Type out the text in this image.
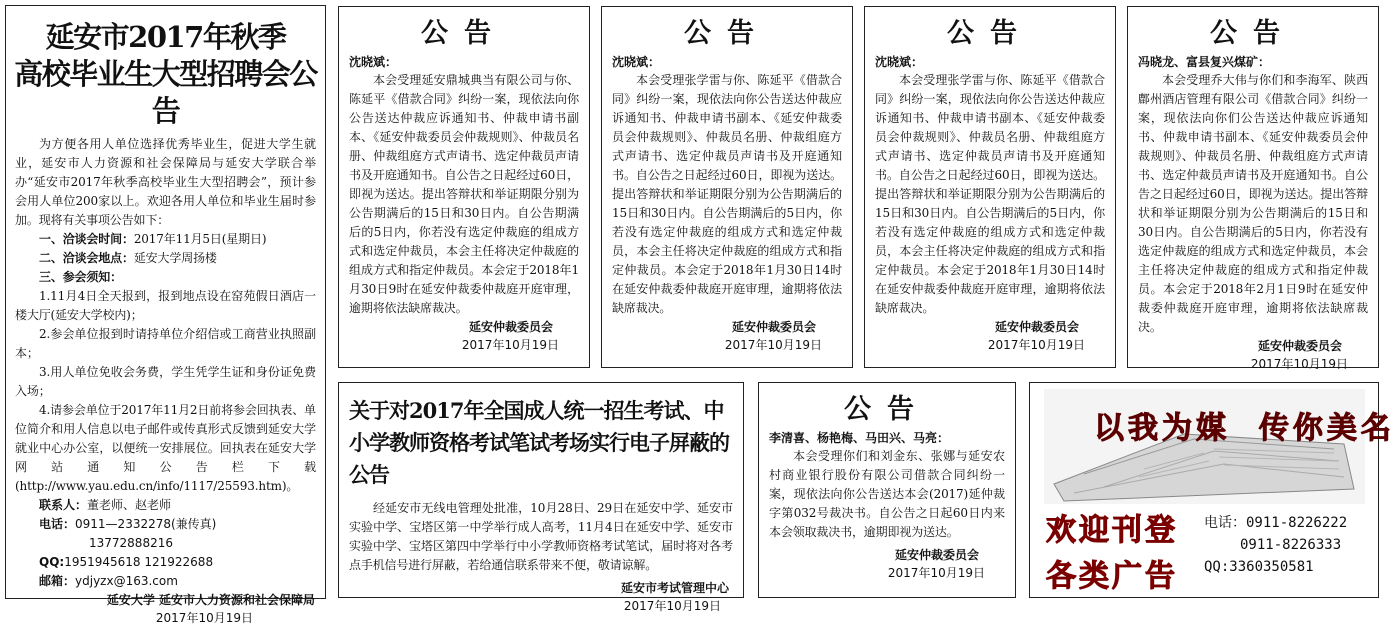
延安市2017年秋季
高校毕业生大型招聘会公告
为方便各用人单位选择优秀毕业生，促进大学生就业，延安市人力资源和社会保障局与延安大学联合举办“延安市2017年秋季高校毕业生大型招聘会”，预计参会用人单位200家以上。欢迎各用人单位和毕业生届时参加。现将有关事项公告如下：
一、洽谈会时间：2017年11月5日(星期日)
二、洽谈会地点：延安大学周扬楼
三、参会须知：
1.11月4日全天报到，报到地点设在窑苑假日酒店一楼大厅(延安大学校内)；
2.参会单位报到时请持单位介绍信或工商营业执照副本；
3.用人单位免收会务费，学生凭学生证和身份证免费入场；
4.请参会单位于2017年11月2日前将参会回执表、单位简介和用人信息以电子邮件或传真形式反馈到延安大学就业中心办公室，以便统一安排展位。回执表在延安大学网站通知公告栏下载(http://www.yau.edu.cn/info/1117/25593.htm)。
联系人：董老师、赵老师
电话：0911—2332278(兼传真)
13772888216
QQ:1951945618 121922688
邮箱：ydjyzx@163.com
延安大学 延安市人力资源和社会保障局
2017年10月19日
公告
沈晓斌：
本会受理延安鼎城典当有限公司与你、陈延平《借款合同》纠纷一案，现依法向你公告送达仲裁应诉通知书、仲裁申请书副本、《延安仲裁委员会仲裁规则》、仲裁员名册、仲裁组庭方式声请书、选定仲裁员声请书及开庭通知书。自公告之日起经过60日，即视为送达。提出答辩状和举证期限分别为公告期满后的15日和30日内。自公告期满后的5日内，你若没有选定仲裁庭的组成方式和选定仲裁员，本会主任将决定仲裁庭的组成方式和指定仲裁员。本会定于2018年1月30日9时在延安仲裁委仲裁庭开庭审理，逾期将依法缺席裁决。
延安仲裁委员会
2017年10月19日
公告
沈晓斌：
本会受理张学雷与你、陈延平《借款合同》纠纷一案，现依法向你公告送达仲裁应诉通知书、仲裁申请书副本、《延安仲裁委员会仲裁规则》、仲裁员名册、仲裁组庭方式声请书、选定仲裁员声请书及开庭通知书。自公告之日起经过60日，即视为送达。提出答辩状和举证期限分别为公告期满后的15日和30日内。自公告期满后的5日内，你若没有选定仲裁庭的组成方式和选定仲裁员，本会主任将决定仲裁庭的组成方式和指定仲裁员。本会定于2018年1月30日14时在延安仲裁委仲裁庭开庭审理，逾期将依法缺席裁决。
延安仲裁委员会
2017年10月19日
公告
沈晓斌：
本会受理张学雷与你、陈延平《借款合同》纠纷一案，现依法向你公告送达仲裁应诉通知书、仲裁申请书副本、《延安仲裁委员会仲裁规则》、仲裁员名册、仲裁组庭方式声请书、选定仲裁员声请书及开庭通知书。自公告之日起经过60日，即视为送达。提出答辩状和举证期限分别为公告期满后的15日和30日内。自公告期满后的5日内，你若没有选定仲裁庭的组成方式和选定仲裁员，本会主任将决定仲裁庭的组成方式和指定仲裁员。本会定于2018年1月30日14时在延安仲裁委仲裁庭开庭审理，逾期将依法缺席裁决。
延安仲裁委员会
2017年10月19日
公告
冯晓龙、富县复兴煤矿：
本会受理乔大伟与你们和李海军、陕西鄜州酒店管理有限公司《借款合同》纠纷一案，现依法向你们公告送达仲裁应诉通知书、仲裁申请书副本、《延安仲裁委员会仲裁规则》、仲裁员名册、仲裁组庭方式声请书、选定仲裁员声请书及开庭通知书。自公告之日起经过60日，即视为送达。提出答辩状和举证期限分别为公告期满后的15日和30日内。自公告期满后的5日内，你若没有选定仲裁庭的组成方式和选定仲裁员，本会主任将决定仲裁庭的组成方式和指定仲裁员。本会定于2018年2月1日9时在延安仲裁委仲裁庭开庭审理，逾期将依法缺席裁决。
延安仲裁委员会
2017年10月19日
关于对2017年全国成人统一招生考试、中小学教师资格考试笔试考场实行电子屏蔽的公告
经延安市无线电管理处批准，10月28日、29日在延安中学、延安市实验中学、宝塔区第一中学举行成人高考，11月4日在延安中学、延安市实验中学、宝塔区第四中学举行中小学教师资格考试笔试，届时将对各考点手机信号进行屏蔽，若给通信联系带来不便，敬请谅解。
延安市考试管理中心
2017年10月19日
公告
李清喜、杨艳梅、马田兴、马亮：
本会受理你们和刘金东、张娜与延安农村商业银行股份有限公司借款合同纠纷一案，现依法向你公告送达本会(2017)延仲裁字第032号裁决书。自公告之日起60日内来本会领取裁决书，逾期即视为送达。
延安仲裁委员会
2017年10月19日
以我为媒  传你美名
欢迎刊登
各类广告
电话：0911-8226222
0911-8226333
QQ:3360350581
